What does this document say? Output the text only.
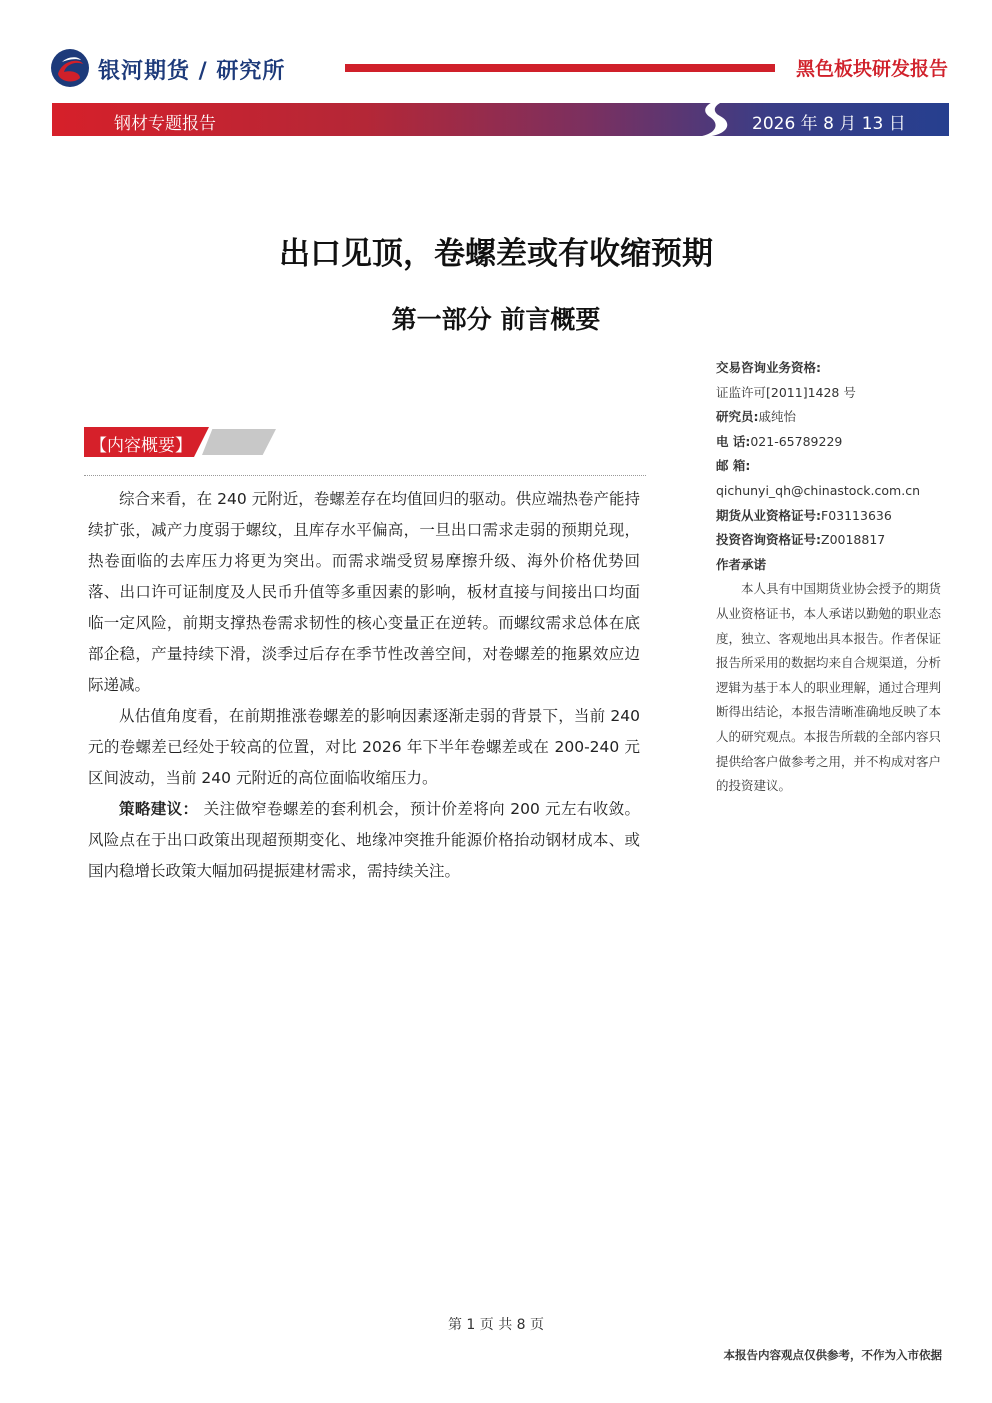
银河期货 / 研究所	黑色板块研发报告
钢材专题报告	2026 年 8 月 13 日
出口见顶，卷螺差或有收缩预期
第一部分 前言概要
【内容概要】

综合来看，在 240 元附近，卷螺差存在均值回归的驱动。供应端热卷产能持续扩张，减产力度弱于螺纹，且库存水平偏高，一旦出口需求走弱的预期兑现，热卷面临的去库压力将更为突出。而需求端受贸易摩擦升级、海外价格优势回落、出口许可证制度及人民币升值等多重因素的影响，板材直接与间接出口均面临一定风险，前期支撑热卷需求韧性的核心变量正在逆转。而螺纹需求总体在底部企稳，产量持续下滑，淡季过后存在季节性改善空间，对卷螺差的拖累效应边际递减。

从估值角度看，在前期推涨卷螺差的影响因素逐渐走弱的背景下，当前 240 元的卷螺差已经处于较高的位置，对比 2026 年下半年卷螺差或在 200-240 元区间波动，当前 240 元附近的高位面临收缩压力。

策略建议： 关注做窄卷螺差的套利机会，预计价差将向 200 元左右收敛。风险点在于出口政策出现超预期变化、地缘冲突推升能源价格抬动钢材成本、或国内稳增长政策大幅加码提振建材需求，需持续关注。

交易咨询业务资格:
证监许可[2011]1428 号
研究员:戚纯怡
电 话:021-65789229
邮 箱:
qichunyi_qh@chinastock.com.cn
期货从业资格证号:F03113636
投资咨询资格证号:Z0018817
作者承诺
本人具有中国期货业协会授予的期货从业资格证书，本人承诺以勤勉的职业态度，独立、客观地出具本报告。作者保证报告所采用的数据均来自合规渠道，分析逻辑为基于本人的职业理解，通过合理判断得出结论，本报告清晰准确地反映了本人的研究观点。本报告所载的全部内容只提供给客户做参考之用，并不构成对客户的投资建议。
第 1 页 共 8 页
本报告内容观点仅供参考，不作为入市依据
